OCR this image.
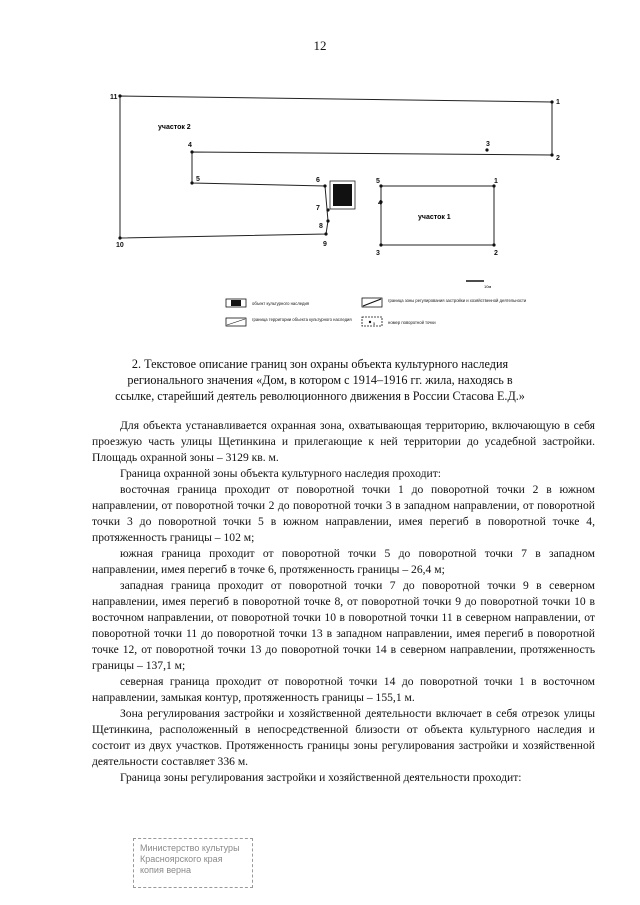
12
11
1
3
2
4
5	6
7
8
9
10
5
4
1
3	2
участок 2
участок 1
10м
объект культурного наследия
граница территории объекта культурного наследия
граница зоны регулирования застройки и хозяйственной деятельности
5	номер поворотной точки
2. Текстовое описание границ зон охраны объекта культурного наследия регионального значения «Дом, в котором с 1914–1916 гг. жила, находясь в ссылке, старейший деятель революционного движения в России Стасова Е.Д.»

Для объекта устанавливается охранная зона, охватывающая территорию, включающую в себя проезжую часть улицы Щетинкина и прилегающие к ней территории до усадебной застройки. Площадь охранной зоны – 3129 кв. м.

Граница охранной зоны объекта культурного наследия проходит:

восточная граница проходит от поворотной точки 1 до поворотной точки 2 в южном направлении, от поворотной точки 2 до поворотной точки 3 в западном направлении, от поворотной точки 3 до поворотной точки 5 в южном направлении, имея перегиб в поворотной точке 4, протяженность границы – 102 м;

южная граница проходит от поворотной точки 5 до поворотной точки 7 в западном направлении, имея перегиб в точке 6, протяженность границы – 26,4 м;

западная граница проходит от поворотной точки 7 до поворотной точки 9 в северном направлении, имея перегиб в поворотной точке 8, от поворотной точки 9 до поворотной точки 10 в восточном направлении, от поворотной точки 10 в поворотной точки 11 в северном направлении, от поворотной точки 11 до поворотной точки 13 в западном направлении, имея перегиб в поворотной точке 12, от поворотной точки 13 до поворотной точки 14 в северном направлении, протяженность границы – 137,1 м;

северная граница проходит от поворотной точки 14 до поворотной точки 1 в восточном направлении, замыкая контур, протяженность границы – 155,1 м.

Зона регулирования застройки и хозяйственной деятельности включает в себя отрезок улицы Щетинкина, расположенный в непосредственной близости от объекта культурного наследия и состоит из двух участков. Протяженность границы зоны регулирования застройки и хозяйственной деятельности составляет 336 м.

Граница зоны регулирования застройки и хозяйственной деятельности проходит:

Министерство культуры
Красноярского края
копия верна
